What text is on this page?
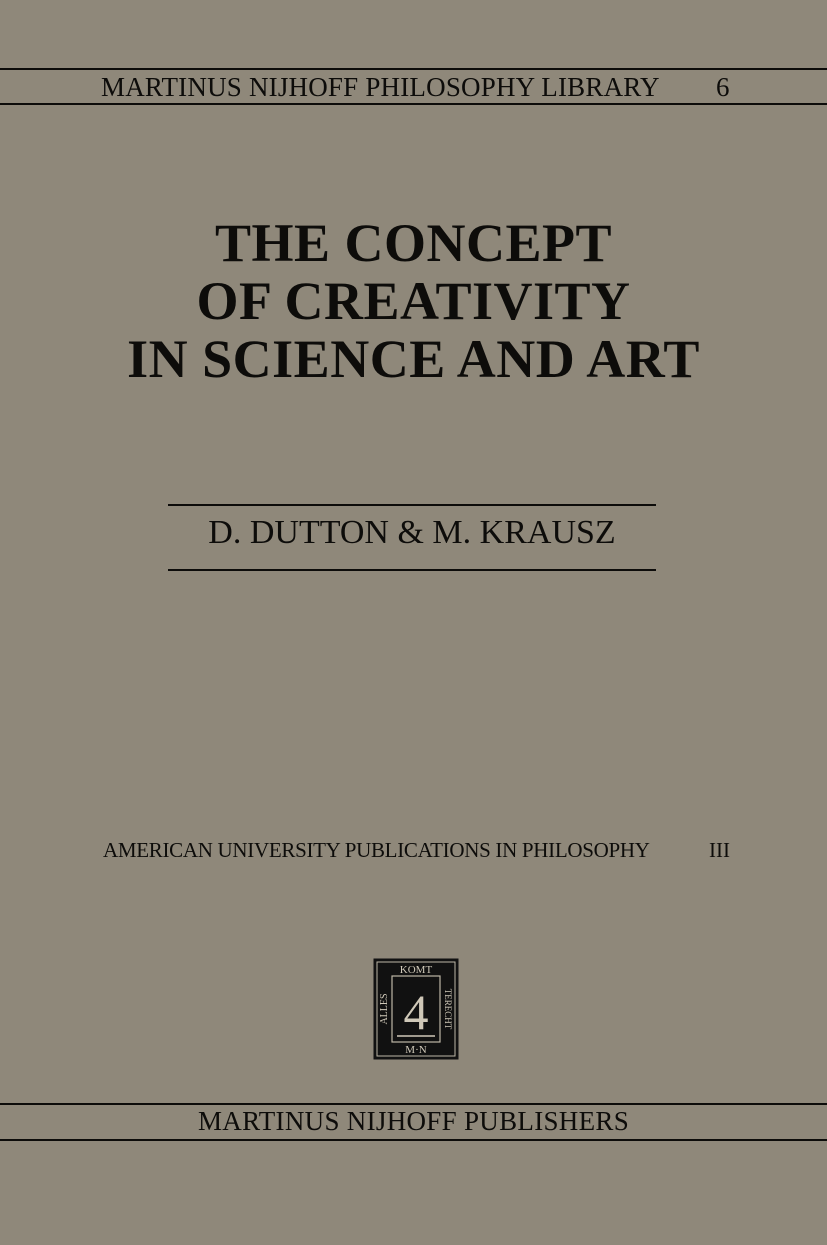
MARTINUS NIJHOFF PHILOSOPHY LIBRARY 6
THE CONCEPT
OF CREATIVITY
IN SCIENCE AND ART
D. DUTTON & M. KRAUSZ
AMERICAN UNIVERSITY PUBLICATIONS IN PHILOSOPHY	III
KOMT
M·N
ALLES	TERECHT
4
MARTINUS NIJHOFF PUBLISHERS
